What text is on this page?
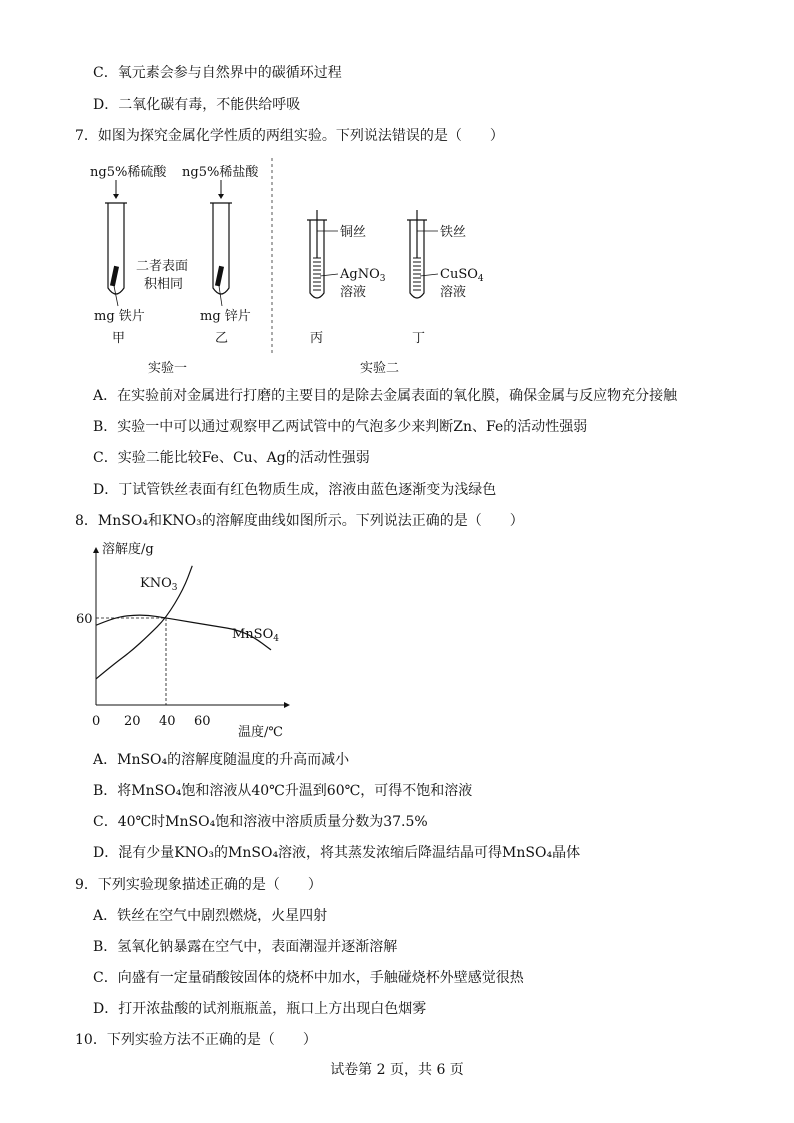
C．氧元素会参与自然界中的碳循环过程
D．二氧化碳有毒，不能供给呼吸
7．如图为探究金属化学性质的两组实验。下列说法错误的是（　　）
ng5%稀硫酸 ng5%稀盐酸
二者表面
积相同
mg 铁片	mg 锌片
甲	乙
实验一
铜丝
AgNO$_3$
溶液
铁丝
CuSO$_4$
溶液
丙	丁
实验二
A．在实验前对金属进行打磨的主要目的是除去金属表面的氧化膜，确保金属与反应物充分接触
B．实验一中可以通过观察甲乙两试管中的气泡多少来判断Zn、Fe的活动性强弱
C．实验二能比较Fe、Cu、Ag的活动性强弱
D．丁试管铁丝表面有红色物质生成，溶液由蓝色逐渐变为浅绿色
8．MnSO₄和KNO₃的溶解度曲线如图所示。下列说法正确的是（　　）
溶解度/g
温度/℃
$KNO_3$
MnSO$_4$
0 20 40 60
60
A．MnSO₄的溶解度随温度的升高而减小
B．将MnSO₄饱和溶液从40℃升温到60℃，可得不饱和溶液
C．40℃时MnSO₄饱和溶液中溶质质量分数为37.5%
D．混有少量KNO₃的MnSO₄溶液，将其蒸发浓缩后降温结晶可得MnSO₄晶体
9．下列实验现象描述正确的是（　　）
A．铁丝在空气中剧烈燃烧，火星四射
B．氢氧化钠暴露在空气中，表面潮湿并逐渐溶解
C．向盛有一定量硝酸铵固体的烧杯中加水，手触碰烧杯外壁感觉很热
D．打开浓盐酸的试剂瓶瓶盖，瓶口上方出现白色烟雾
10．下列实验方法不正确的是（　　）
试卷第 2 页，共 6 页
